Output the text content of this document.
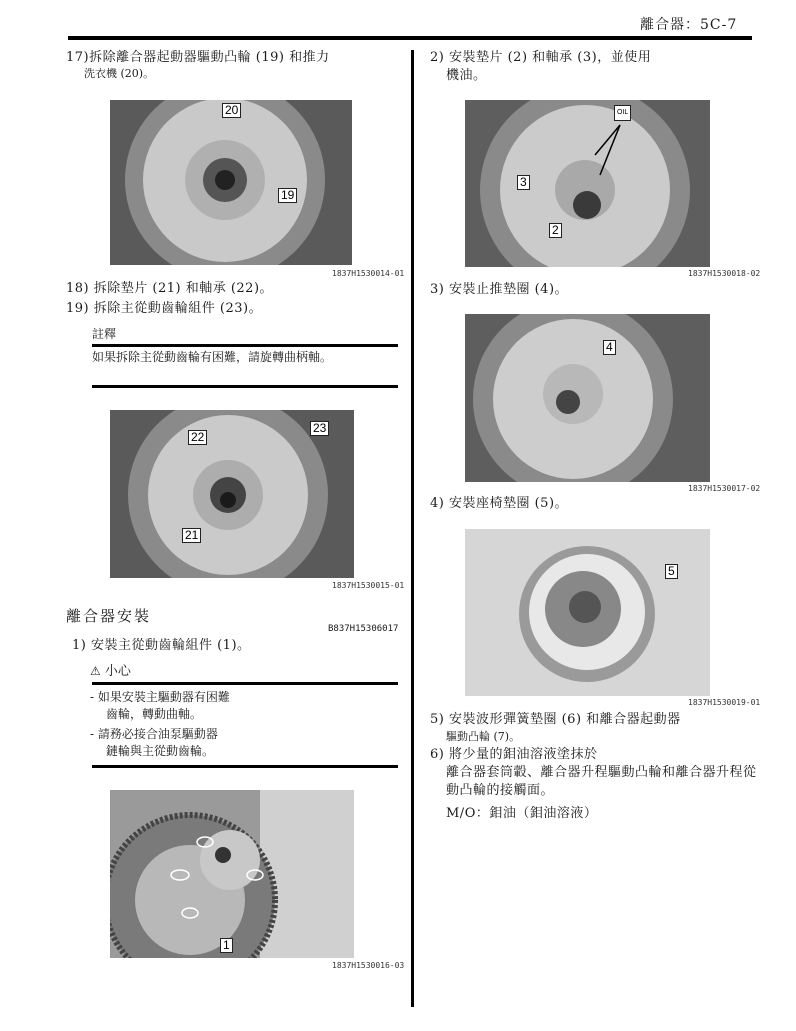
離合器：5C-7
17)拆除離合器起動器驅動凸輪 (19) 和推力
洗衣機 (20)。
20
19
1837H1530014-01
18) 拆除墊片 (21) 和軸承 (22)。
19) 拆除主從動齒輪組件 (23)。
註釋
如果拆除主從動齒輪有困難，請旋轉曲柄軸。
22
23
21
1837H1530015-01
離合器安裝
B837H15306017
1) 安裝主從動齒輪組件 (1)。
⚠ 小心
- 如果安裝主驅動器有困難
齒輪，轉動曲軸。
- 請務必接合油泵驅動器
鏈輪與主從動齒輪。
1
1837H1530016-03
2) 安裝墊片 (2) 和軸承 (3)，並使用
機油。
OIL
3
2
1837H1530018-02
3) 安裝止推墊圈 (4)。
4
1837H1530017-02
4) 安裝座椅墊圈 (5)。
5
1837H1530019-01
5) 安裝波形彈簧墊圈 (6) 和離合器起動器
驅動凸輪 (7)。
6) 將少量的鉬油溶液塗抹於
離合器套筒轂、離合器升程驅動凸輪和離合器升程從
動凸輪的接觸面。
M/O：鉬油（鉬油溶液）
